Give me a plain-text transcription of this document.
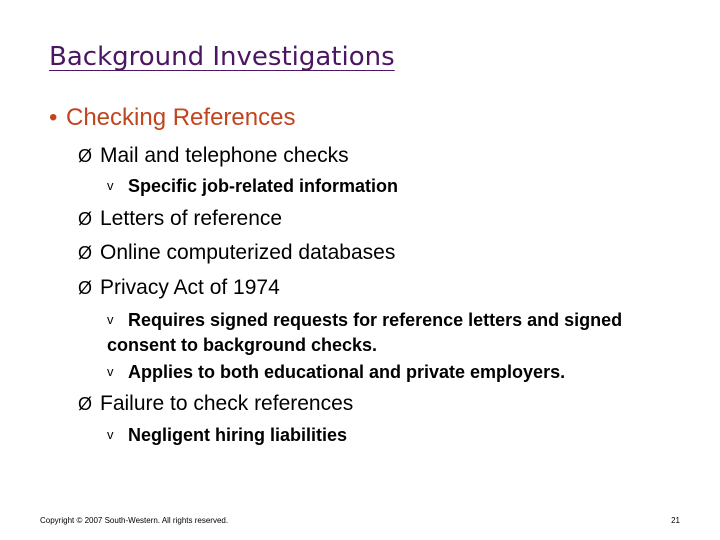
Background Investigations
• Checking References
Ø Mail and telephone checks
v Specific job-related information
Ø Letters of reference
Ø Online computerized databases
Ø Privacy Act of 1974
v Requires signed requests for reference letters and signed consent to background checks.
v Applies to both educational and private employers.
Ø Failure to check references
v Negligent hiring liabilities
Copyright © 2007 South-Western. All rights reserved.	21
